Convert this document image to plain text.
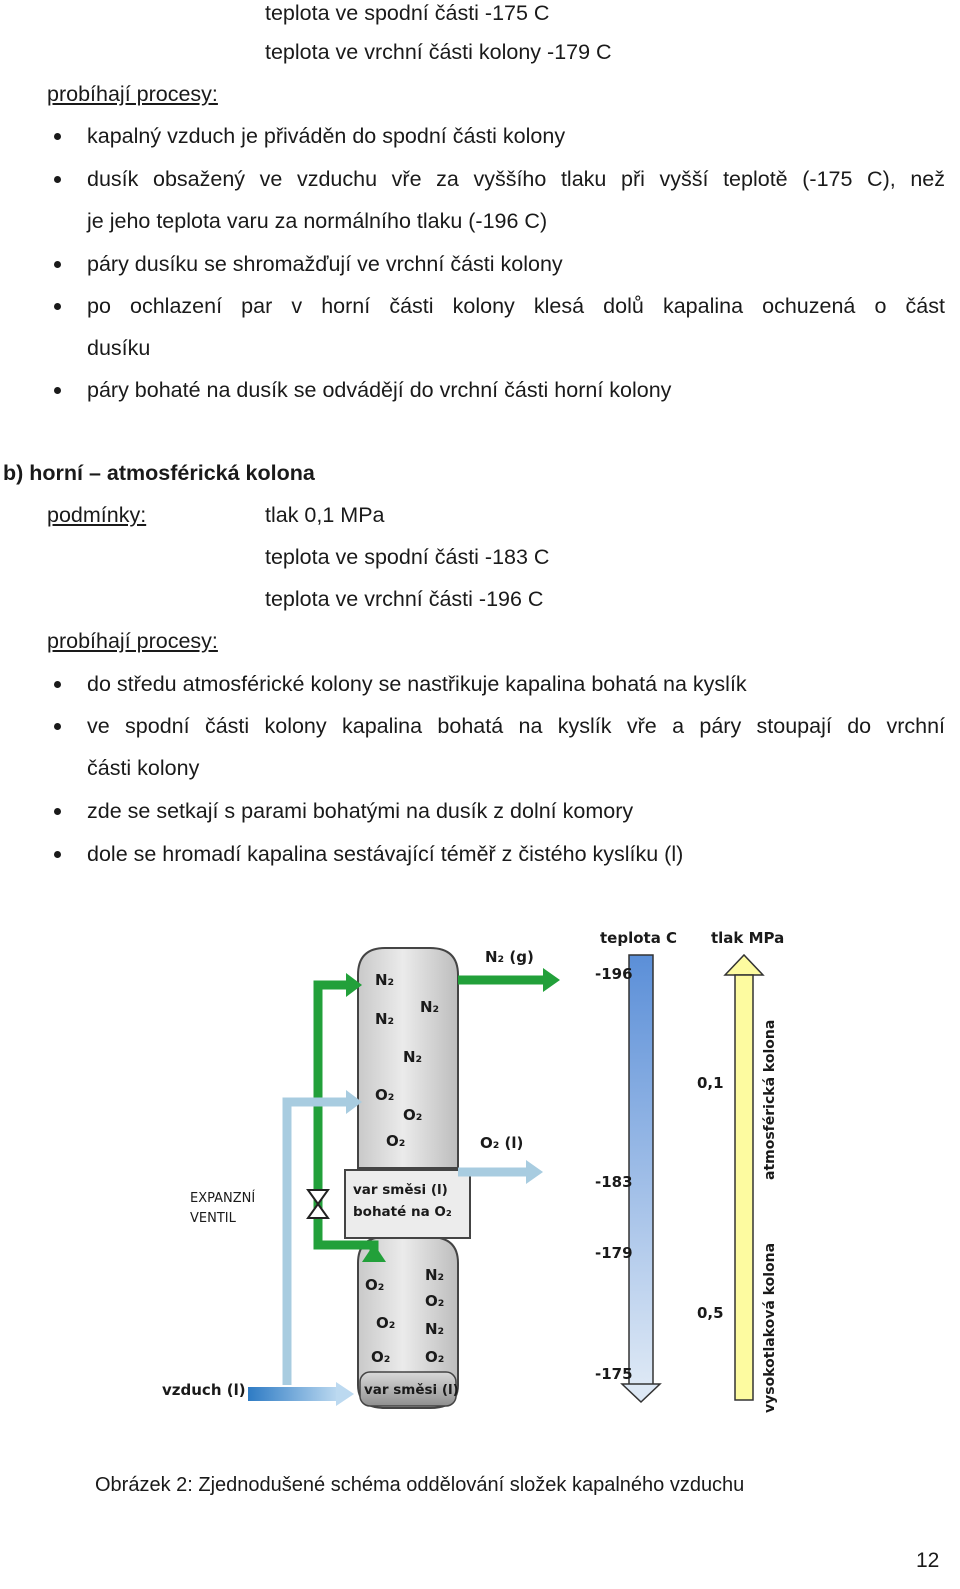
teplota ve spodní části -175 C
teplota ve vrchní části kolony -179 C
probíhají procesy:
kapalný vzduch je přiváděn do spodní části kolony
dusík obsažený ve vzduchu vře za vyššího tlaku při vyšší teplotě (-175 C), než
je jeho teplota varu za normálního tlaku (-196 C)
páry dusíku se shromažďují ve vrchní části kolony
po ochlazení par v horní části kolony klesá dolů kapalina ochuzená o část
dusíku
páry bohaté na dusík se odvádějí do vrchní části horní kolony
b) horní – atmosférická kolona
podmínky:	tlak 0,1 MPa
teplota ve spodní části -183 C
teplota ve vrchní části -196 C
probíhají procesy:
do středu atmosférické kolony se nastřikuje kapalina bohatá na kyslík
ve spodní části kolony kapalina bohatá na kyslík vře a páry stoupají do vrchní
části kolony
zde se setkají s parami bohatými na dusík z dolní komory
dole se hromadí kapalina sestávající téměř z čistého kyslíku (l)
N₂ (g)
O₂ (l)
EXPANZNÍ
VENTIL
vzduch (l)
N₂
N₂
N₂
N₂
O₂
O₂
O₂
var směsi (l)
bohaté na O₂
O₂
N₂
O₂
O₂ N₂
O₂ O₂
var směsi (l)
teplota C
-196
-183
-179
-175
tlak MPa
0,1
0,5
atmosférická kolona
vysokotlaková kolona
Obrázek 2: Zjednodušené schéma oddělování složek kapalného vzduchu
12
